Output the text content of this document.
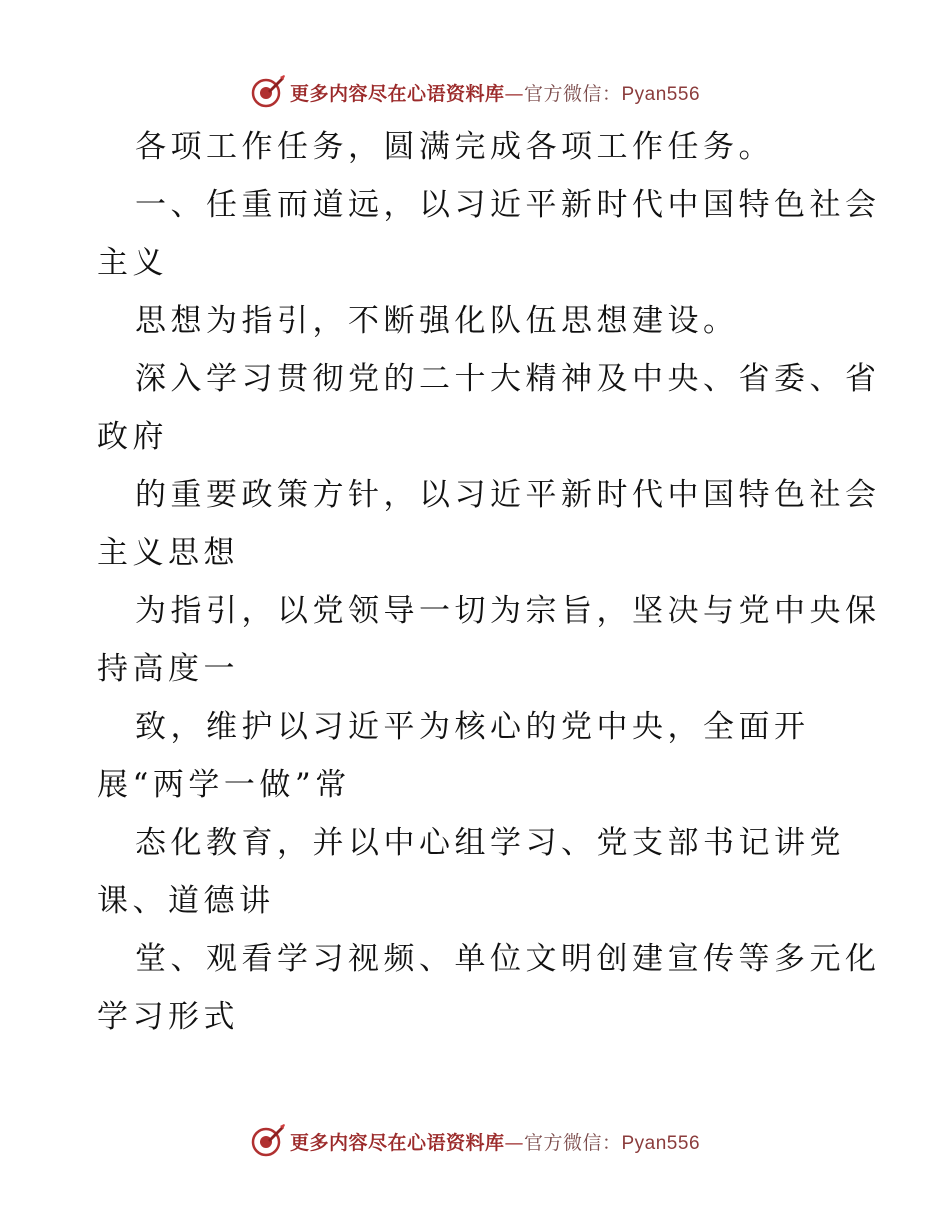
更多内容尽在心语资料库—官方微信：Pyan556
各项工作任务，圆满完成各项工作任务。
一、任重而道远，以习近平新时代中国特色社会
主义
思想为指引，不断强化队伍思想建设。
深入学习贯彻党的二十大精神及中央、省委、省
政府
的重要政策方针，以习近平新时代中国特色社会
主义思想
为指引，以党领导一切为宗旨，坚决与党中央保
持高度一
致，维护以习近平为核心的党中央，全面开
展“两学一做”常
态化教育，并以中心组学习、党支部书记讲党
课、道德讲
堂、观看学习视频、单位文明创建宣传等多元化
学习形式
更多内容尽在心语资料库—官方微信：Pyan556
